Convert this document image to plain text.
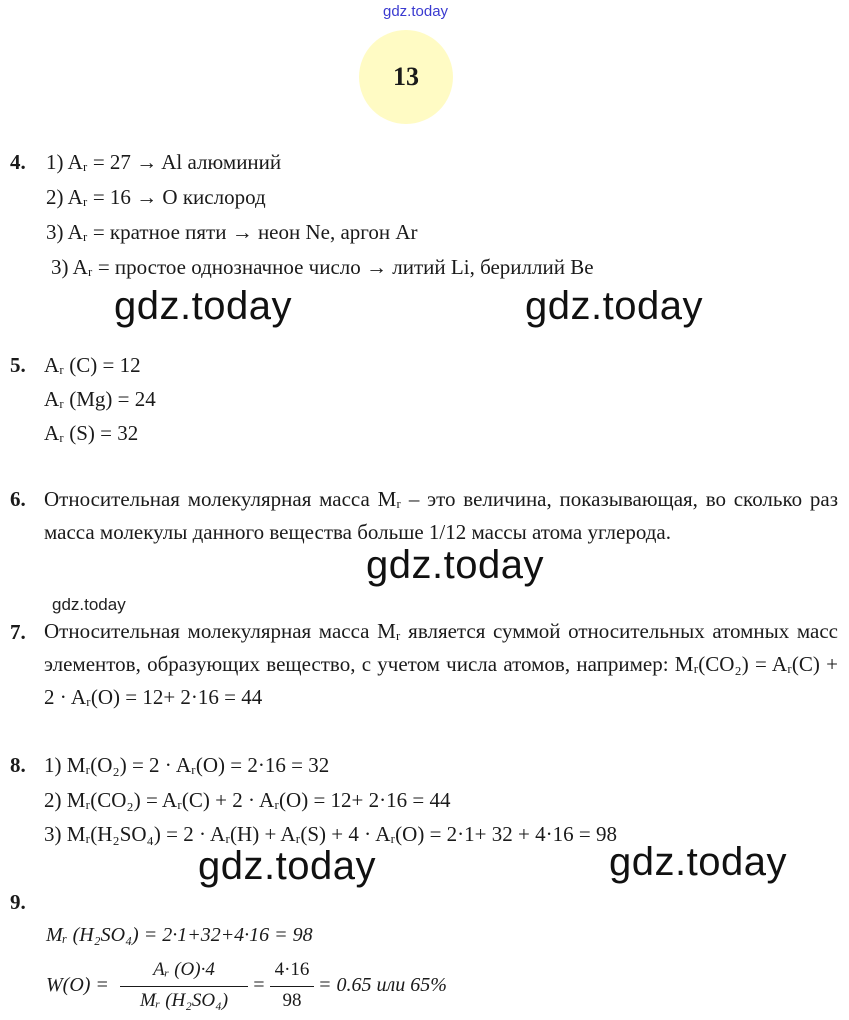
gdz.today
13
4. 1) Aᵣ = 27 → Al алюминий
2) Aᵣ = 16 → O кислород
3) Aᵣ = кратное пяти → неон Ne, аргон Ar
3) Aᵣ = простое однозначное число → литий Li, бериллий Be
gdz.today	gdz.today
5. Aᵣ (C) = 12
Aᵣ (Mg) = 24
Aᵣ (S) = 32
6. Относительная молекулярная масса Mᵣ – это величина, показывающая, во сколько раз масса молекулы данного вещества больше 1/12 массы атома углерода.
gdz.today
gdz.today
7. Относительная молекулярная масса Mᵣ является суммой относительных атомных масс элементов, образующих вещество, с учетом числа атомов, например: Mᵣ(CO₂) = Aᵣ(C) + 2 · Aᵣ(O) = 12+ 2·16 = 44
8. 1) Mᵣ(O₂) = 2 · Aᵣ(O) = 2·16 = 32
2) Mᵣ(CO₂) = Aᵣ(C) + 2 · Aᵣ(O) = 12+ 2·16 = 44
3) Mᵣ(H₂SO₄) = 2 · Aᵣ(H) + Aᵣ(S) + 4 · Aᵣ(O) = 2·1+ 32 + 4·16 = 98
gdz.today	gdz.today
9.
Mᵣ (H₂SO₄) = 2·1+32+4·16 = 98
W(O) =
Aᵣ (O)·4
Mᵣ (H₂SO₄)
=
4·16
98
= 0.65 или 65%
